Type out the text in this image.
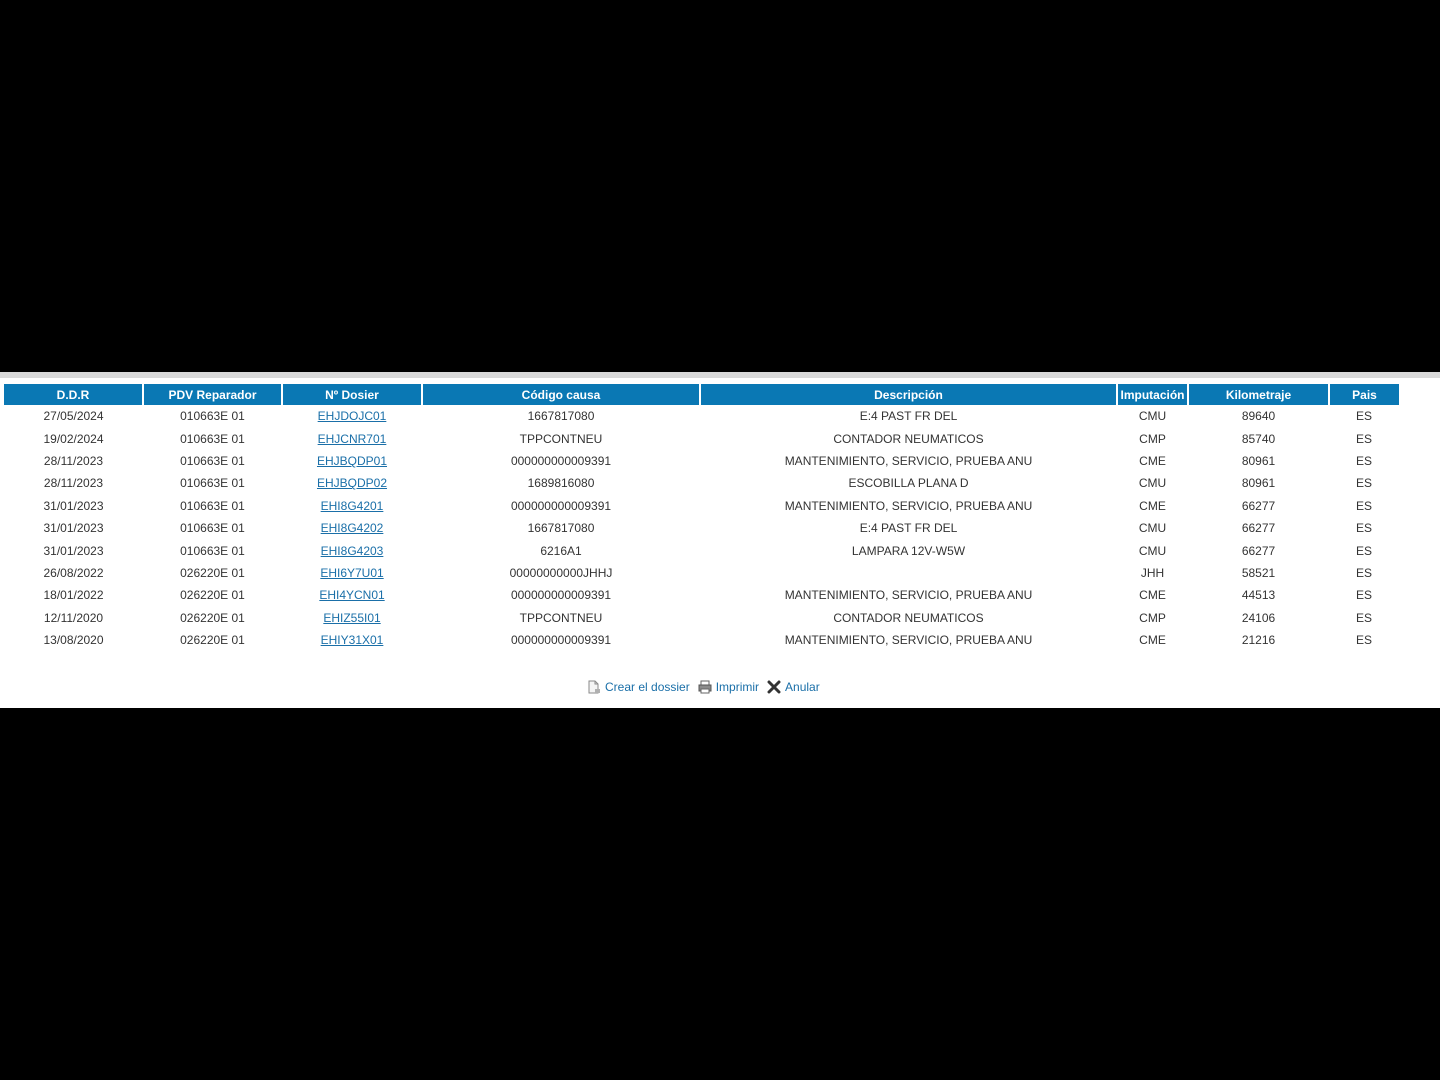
D.D.R	PDV Reparador	Nº Dosier	Código causa	Descripción	Imputación	Kilometraje	Pais
27/05/2024	010663E 01	EHJDOJC01	1667817080	E:4 PAST FR DEL	CMU	89640	ES
19/02/2024	010663E 01	EHJCNR701	TPPCONTNEU	CONTADOR NEUMATICOS	CMP	85740	ES
28/11/2023	010663E 01	EHJBQDP01	000000000009391	MANTENIMIENTO, SERVICIO, PRUEBA ANU	CME	80961	ES
28/11/2023	010663E 01	EHJBQDP02	1689816080	ESCOBILLA PLANA D	CMU	80961	ES
31/01/2023	010663E 01	EHI8G4201	000000000009391	MANTENIMIENTO, SERVICIO, PRUEBA ANU	CME	66277	ES
31/01/2023	010663E 01	EHI8G4202	1667817080	E:4 PAST FR DEL	CMU	66277	ES
31/01/2023	010663E 01	EHI8G4203	6216A1	LAMPARA 12V-W5W	CMU	66277	ES
26/08/2022	026220E 01	EHI6Y7U01	00000000000JHHJ		JHH	58521	ES
18/01/2022	026220E 01	EHI4YCN01	000000000009391	MANTENIMIENTO, SERVICIO, PRUEBA ANU	CME	44513	ES
12/11/2020	026220E 01	EHIZ55I01	TPPCONTNEU	CONTADOR NEUMATICOS	CMP	24106	ES
13/08/2020	026220E 01	EHIY31X01	000000000009391	MANTENIMIENTO, SERVICIO, PRUEBA ANU	CME	21216	ES
Crear el dossier Imprimir Anular
